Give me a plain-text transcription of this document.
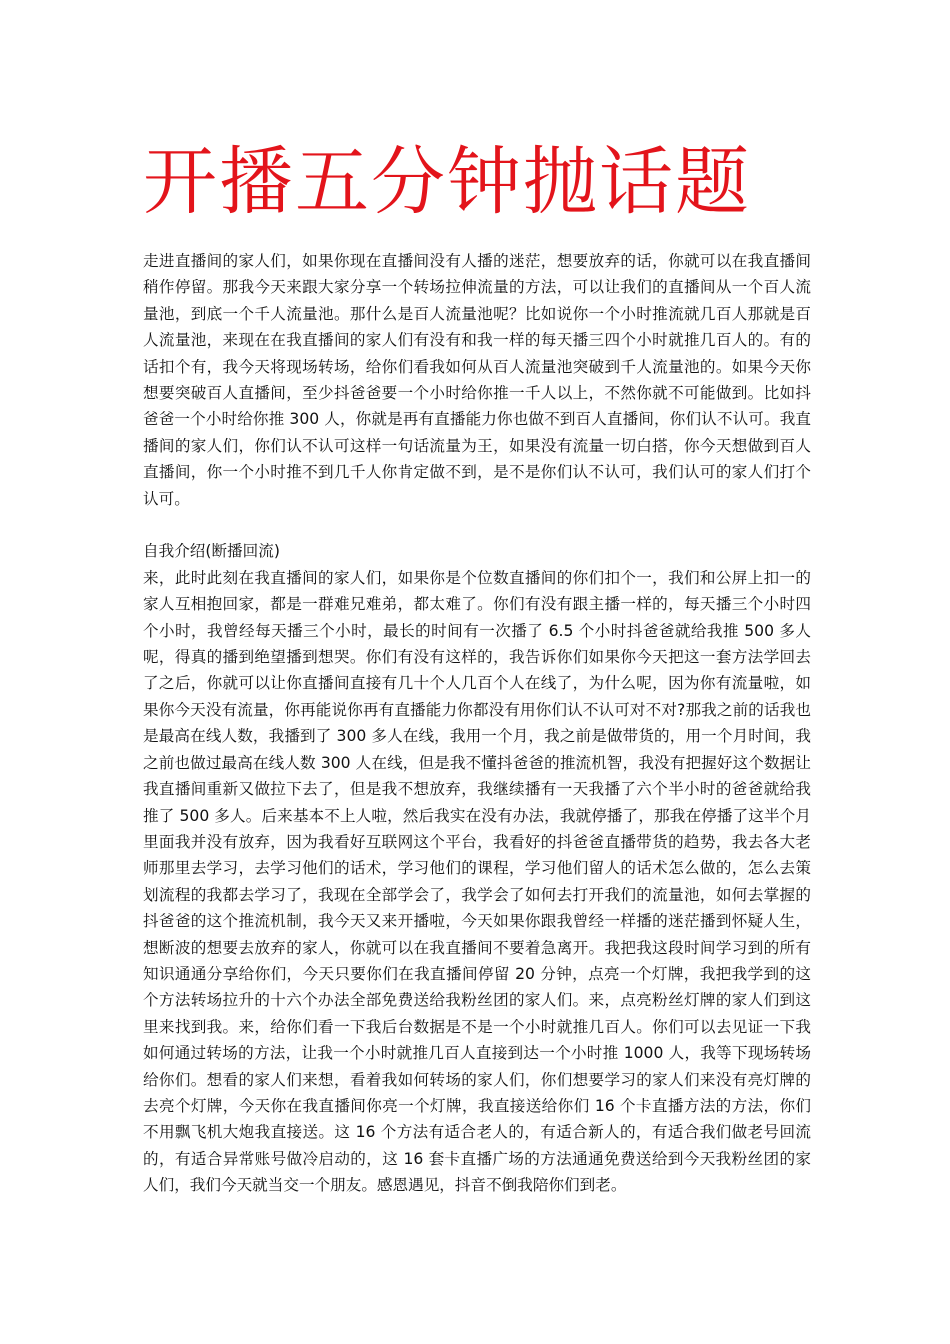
开播五分钟抛话题

走进直播间的家人们，如果你现在直播间没有人播的迷茫，想要放弃的话，你就可以在我直播间稍作停留。那我今天来跟大家分享一个转场拉伸流量的方法，可以让我们的直播间从一个百人流量池，到底一个千人流量池。那什么是百人流量池呢？比如说你一个小时推流就几百人那就是百人流量池，来现在在我直播间的家人们有没有和我一样的每天播三四个小时就推几百人的。有的话扣个有，我今天将现场转场，给你们看我如何从百人流量池突破到千人流量池的。如果今天你想要突破百人直播间，至少抖爸爸要一个小时给你推一千人以上，不然你就不可能做到。比如抖爸爸一个小时给你推 300 人，你就是再有直播能力你也做不到百人直播间，你们认不认可。我直播间的家人们，你们认不认可这样一句话流量为王，如果没有流量一切白搭，你今天想做到百人直播间，你一个小时推不到几千人你肯定做不到，是不是你们认不认可，我们认可的家人们打个认可。

自我介绍(断播回流)

来，此时此刻在我直播间的家人们，如果你是个位数直播间的你们扣个一，我们和公屏上扣一的家人互相抱回家，都是一群难兄难弟，都太难了。你们有没有跟主播一样的，每天播三个小时四个小时，我曾经每天播三个小时，最长的时间有一次播了 6.5 个小时抖爸爸就给我推 500 多人呢，得真的播到绝望播到想哭。你们有没有这样的，我告诉你们如果你今天把这一套方法学回去了之后，你就可以让你直播间直接有几十个人几百个人在线了，为什么呢，因为你有流量啦，如果你今天没有流量，你再能说你再有直播能力你都没有用你们认不认可对不对?那我之前的话我也是最高在线人数，我播到了 300 多人在线，我用一个月，我之前是做带货的，用一个月时间，我之前也做过最高在线人数 300 人在线，但是我不懂抖爸爸的推流机智，我没有把握好这个数据让我直播间重新又做拉下去了，但是我不想放弃，我继续播有一天我播了六个半小时的爸爸就给我推了 500 多人。后来基本不上人啦，然后我实在没有办法，我就停播了，那我在停播了这半个月里面我并没有放弃，因为我看好互联网这个平台，我看好的抖爸爸直播带货的趋势，我去各大老师那里去学习，去学习他们的话术，学习他们的课程，学习他们留人的话术怎么做的，怎么去策划流程的我都去学习了，我现在全部学会了，我学会了如何去打开我们的流量池，如何去掌握的抖爸爸的这个推流机制，我今天又来开播啦，今天如果你跟我曾经一样播的迷茫播到怀疑人生，想断波的想要去放弃的家人，你就可以在我直播间不要着急离开。我把我这段时间学习到的所有知识通通分享给你们，今天只要你们在我直播间停留 20 分钟，点亮一个灯牌，我把我学到的这个方法转场拉升的十六个办法全部免费送给我粉丝团的家人们。来，点亮粉丝灯牌的家人们到这里来找到我。来，给你们看一下我后台数据是不是一个小时就推几百人。你们可以去见证一下我如何通过转场的方法，让我一个小时就推几百人直接到达一个小时推 1000 人，我等下现场转场给你们。想看的家人们来想，看着我如何转场的家人们，你们想要学习的家人们来没有亮灯牌的去亮个灯牌，今天你在我直播间你亮一个灯牌，我直接送给你们 16 个卡直播方法的方法，你们不用飘飞机大炮我直接送。这 16 个方法有适合老人的，有适合新人的，有适合我们做老号回流的，有适合异常账号做冷启动的，这 16 套卡直播广场的方法通通免费送给到今天我粉丝团的家人们，我们今天就当交一个朋友。感恩遇见，抖音不倒我陪你们到老。
